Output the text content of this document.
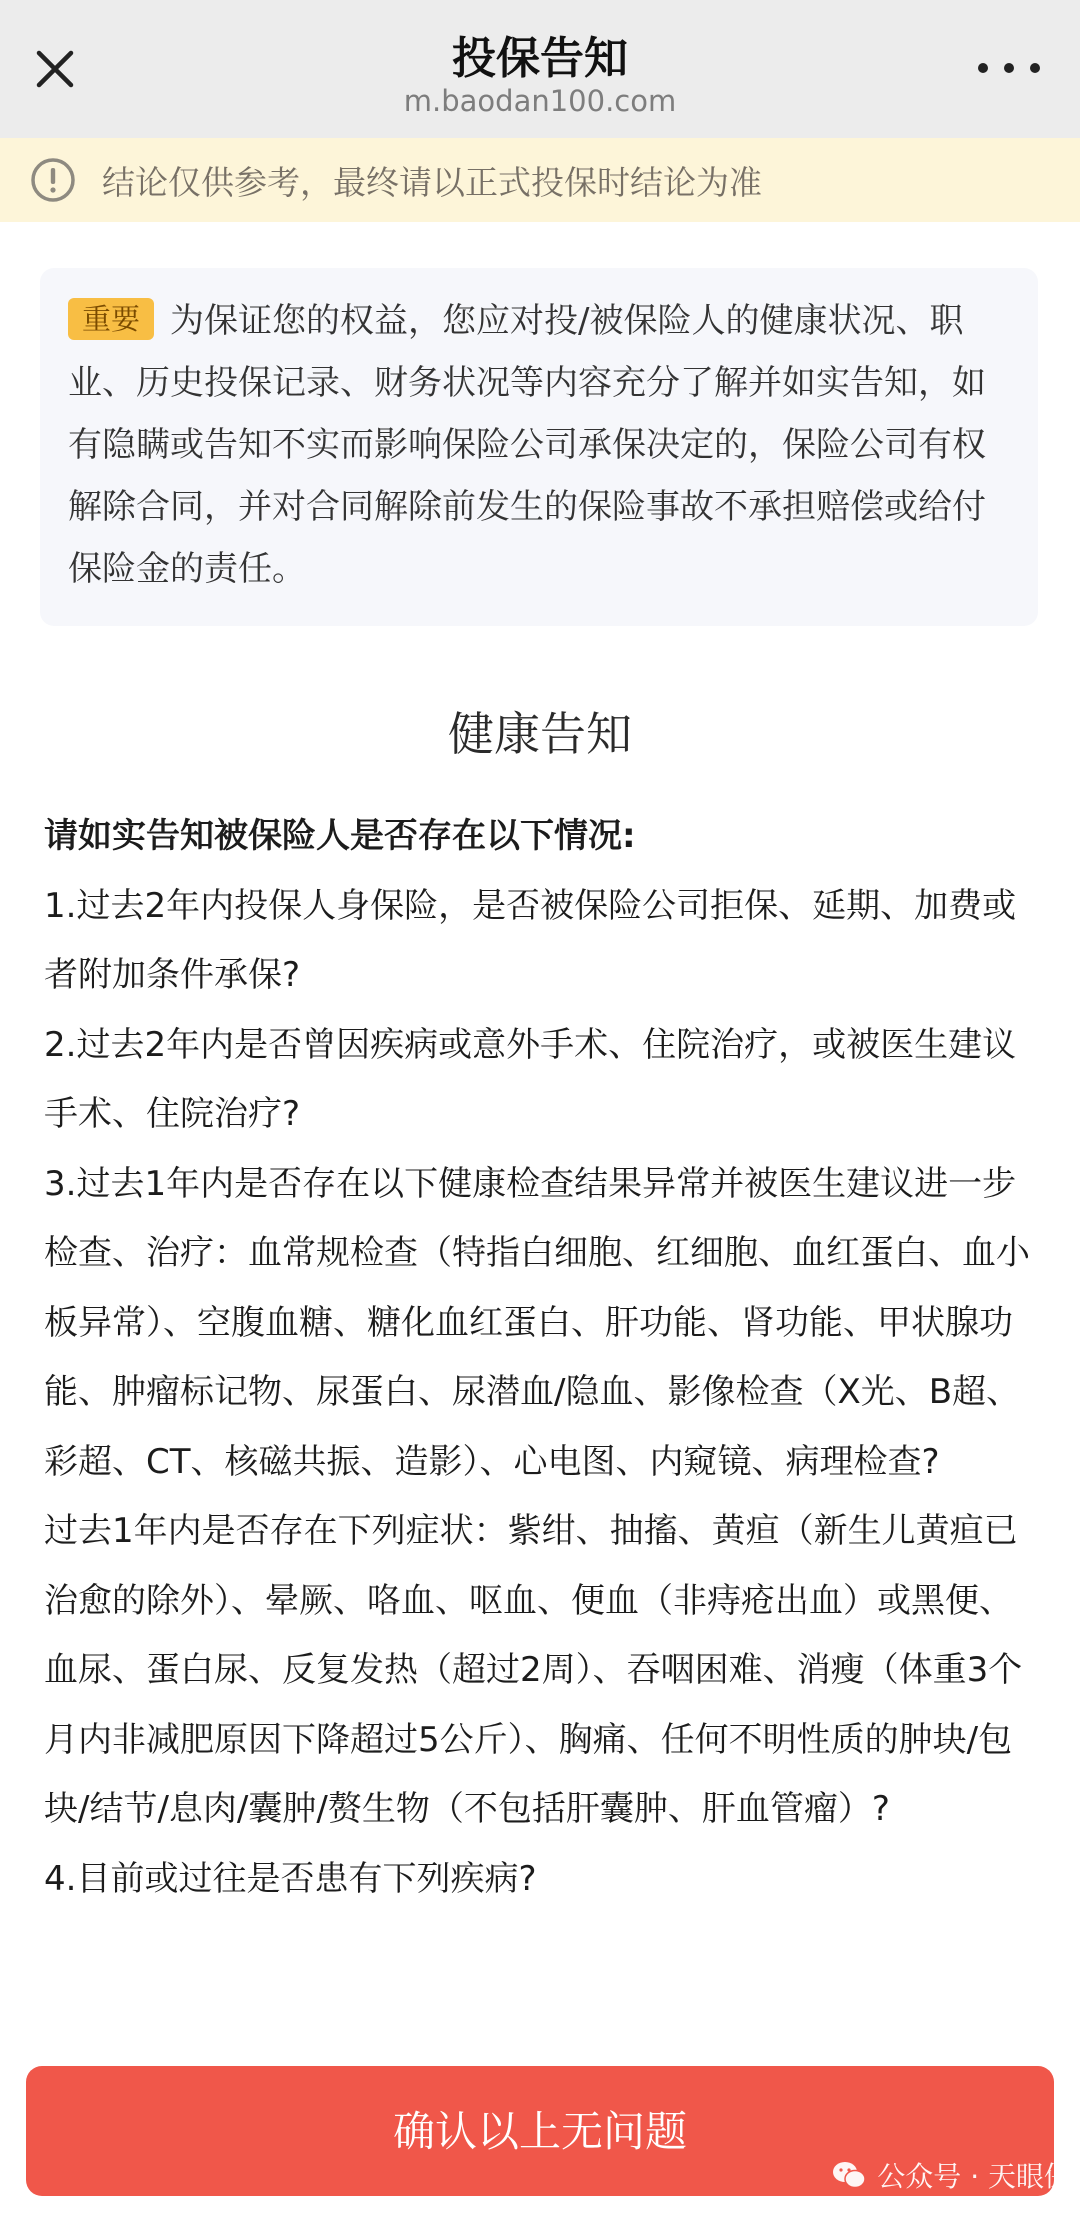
投保告知
m.baodan100.com
结论仅供参考，最终请以正式投保时结论为准
重要 为保证您的权益，您应对投/被保险人的健康状况、职业、历史投保记录、财务状况等内容充分了解并如实告知，如有隐瞒或告知不实而影响保险公司承保决定的，保险公司有权解除合同，并对合同解除前发生的保险事故不承担赔偿或给付保险金的责任。
健康告知

请如实告知被保险人是否存在以下情况:

1.过去2年内投保人身保险，是否被保险公司拒保、延期、加费或者附加条件承保?

2.过去2年内是否曾因疾病或意外手术、住院治疗，或被医生建议手术、住院治疗?

3.过去1年内是否存在以下健康检查结果异常并被医生建议进一步检查、治疗：血常规检查（特指白细胞、红细胞、血红蛋白、血小板异常）、空腹血糖、糖化血红蛋白、肝功能、肾功能、甲状腺功能、肿瘤标记物、尿蛋白、尿潜血/隐血、影像检查（X光、B超、彩超、CT、核磁共振、造影）、心电图、内窥镜、病理检查?

过去1年内是否存在下列症状：紫绀、抽搐、黄疸（新生儿黄疸已治愈的除外）、晕厥、咯血、呕血、便血（非痔疮出血）或黑便、血尿、蛋白尿、反复发热（超过2周）、吞咽困难、消瘦（体重3个月内非减肥原因下降超过5公斤）、胸痛、任何不明性质的肿块/包块/结节/息肉/囊肿/赘生物（不包括肝囊肿、肝血管瘤）?

4.目前或过往是否患有下列疾病?

确认以上无问题
公众号 · 天眼保
